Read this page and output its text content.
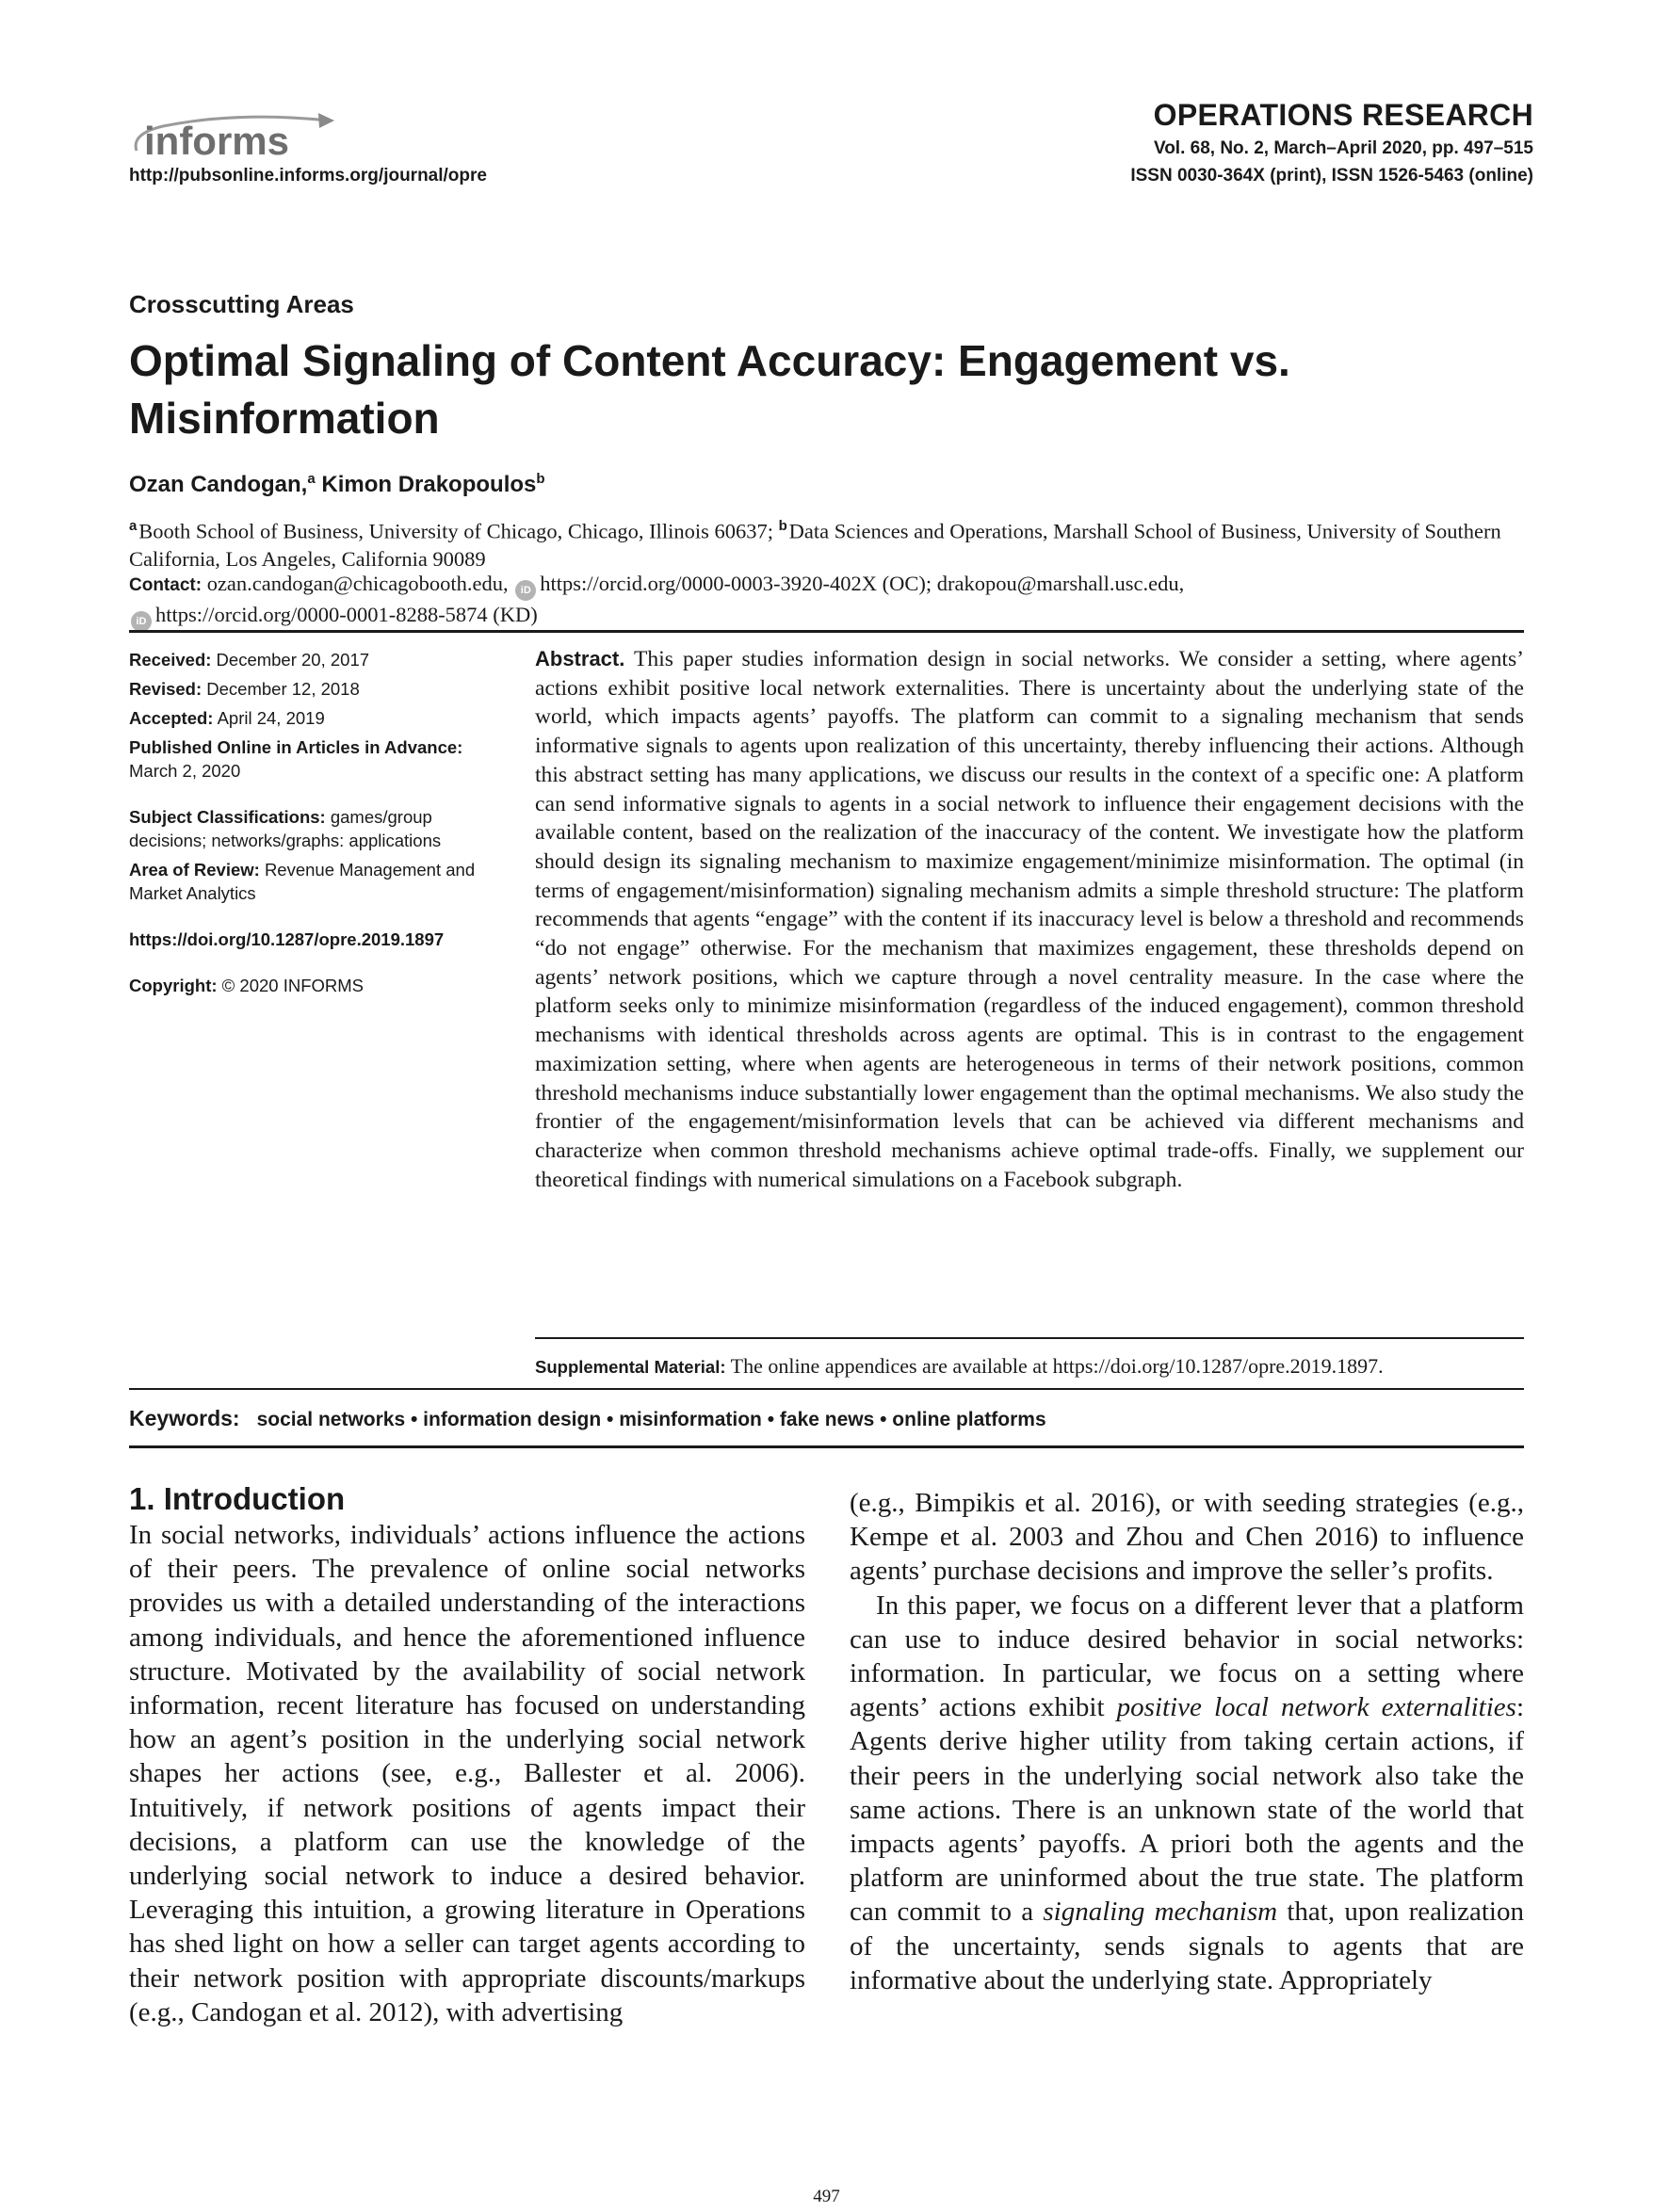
informs
http://pubsonline.informs.org/journal/opre
OPERATIONS RESEARCH
Vol. 68, No. 2, March–April 2020, pp. 497–515
ISSN 0030-364X (print), ISSN 1526-5463 (online)
Crosscutting Areas
Optimal Signaling of Content Accuracy: Engagement vs. Misinformation
Ozan Candogan,$^a$ Kimon Drakopoulos$^b$
$^a$ Booth School of Business, University of Chicago, Chicago, Illinois 60637; $^b$ Data Sciences and Operations, Marshall School of Business, University of Southern California, Los Angeles, California 90089
Contact: ozan.candogan@chicagobooth.edu, iD https://orcid.org/0000-0003-3920-402X (OC); drakopou@marshall.usc.edu,
iD https://orcid.org/0000-0001-8288-5874 (KD)
Received: December 20, 2017
Revised: December 12, 2018
Accepted: April 24, 2019
Published Online in Articles in Advance:
March 2, 2020
Subject Classifications: games/group decisions; networks/graphs: applications
Area of Review: Revenue Management and Market Analytics
https://doi.org/10.1287/opre.2019.1897
Copyright: © 2020 INFORMS
Abstract. This paper studies information design in social networks. We consider a setting, where agents’ actions exhibit positive local network externalities. There is uncertainty about the underlying state of the world, which impacts agents’ payoffs. The platform can commit to a signaling mechanism that sends informative signals to agents upon realization of this uncertainty, thereby influencing their actions. Although this abstract setting has many applications, we discuss our results in the context of a specific one: A platform can send informative signals to agents in a social network to influence their engagement decisions with the available content, based on the realization of the inaccuracy of the content. We investigate how the platform should design its signaling mechanism to maximize engagement/minimize misinformation. The optimal (in terms of engagement/misinformation) signaling mechanism admits a simple threshold structure: The platform recommends that agents “engage” with the content if its inaccuracy level is below a threshold and recommends “do not engage” otherwise. For the mechanism that maximizes engagement, these thresholds depend on agents’ network positions, which we capture through a novel centrality measure. In the case where the platform seeks only to minimize misinformation (regardless of the induced engagement), common threshold mechanisms with identical thresholds across agents are optimal. This is in contrast to the engagement maximization setting, where when agents are heterogeneous in terms of their network positions, common threshold mechanisms induce substantially lower engagement than the optimal mechanisms. We also study the frontier of the engagement/misinformation levels that can be achieved via different mechanisms and characterize when common threshold mechanisms achieve optimal trade-offs. Finally, we supplement our theoretical findings with numerical simulations on a Facebook subgraph.
Supplemental Material: The online appendices are available at https://doi.org/10.1287/opre.2019.1897.
Keywords: social networks • information design • misinformation • fake news • online platforms
1. Introduction

In social networks, individuals’ actions influence the actions of their peers. The prevalence of online social networks provides us with a detailed understanding of the interactions among individuals, and hence the aforementioned influence structure. Motivated by the availability of social network information, recent literature has focused on understanding how an agent’s position in the underlying social network shapes her actions (see, e.g., Ballester et al. 2006). Intuitively, if network positions of agents impact their decisions, a platform can use the knowledge of the underlying social network to induce a desired behavior. Leveraging this intuition, a growing literature in Operations has shed light on how a seller can target agents according to their network position with appropriate discounts/markups (e.g., Candogan et al. 2012), with advertising

(e.g., Bimpikis et al. 2016), or with seeding strategies (e.g., Kempe et al. 2003 and Zhou and Chen 2016) to influence agents’ purchase decisions and improve the seller’s profits.

In this paper, we focus on a different lever that a platform can use to induce desired behavior in social networks: information. In particular, we focus on a setting where agents’ actions exhibit positive local network externalities: Agents derive higher utility from taking certain actions, if their peers in the underlying social network also take the same actions. There is an unknown state of the world that impacts agents’ payoffs. A priori both the agents and the platform are uninformed about the true state. The platform can commit to a signaling mechanism that, upon realization of the uncertainty, sends signals to agents that are informative about the underlying state. Appropriately

497
